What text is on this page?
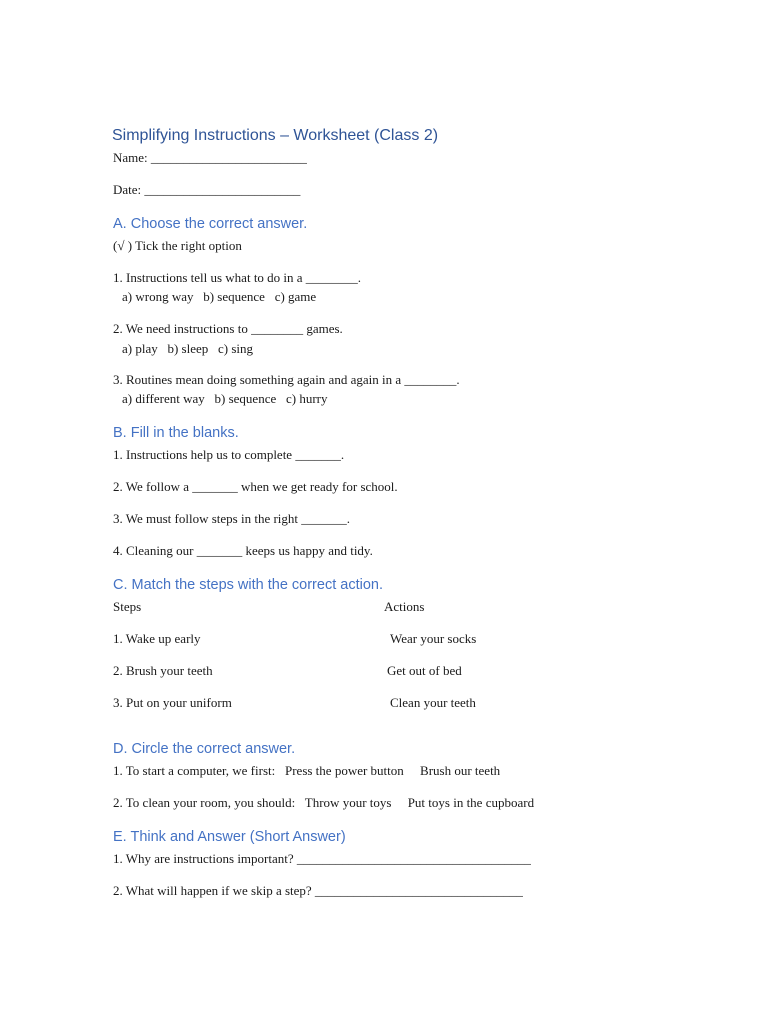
Simplifying Instructions – Worksheet (Class 2)
Name: ________________________
Date: ________________________
A. Choose the correct answer.
(√ ) Tick the right option
1. Instructions tell us what to do in a ________.
a) wrong way   b) sequence   c) game
2. We need instructions to ________ games.
a) play   b) sleep   c) sing
3. Routines mean doing something again and again in a ________.
a) different way   b) sequence   c) hurry
B. Fill in the blanks.
1. Instructions help us to complete _______.
2. We follow a _______ when we get ready for school.
3. We must follow steps in the right _______.
4. Cleaning our _______ keeps us happy and tidy.
C. Match the steps with the correct action.
Steps	Actions
1. Wake up early	Wear your socks
2. Brush your teeth	Get out of bed
3. Put on your uniform	Clean your teeth
D. Circle the correct answer.
1. To start a computer, we first:   Press the power button     Brush our teeth
2. To clean your room, you should:   Throw your toys     Put toys in the cupboard
E. Think and Answer (Short Answer)
1. Why are instructions important? ____________________________________
2. What will happen if we skip a step? ________________________________
